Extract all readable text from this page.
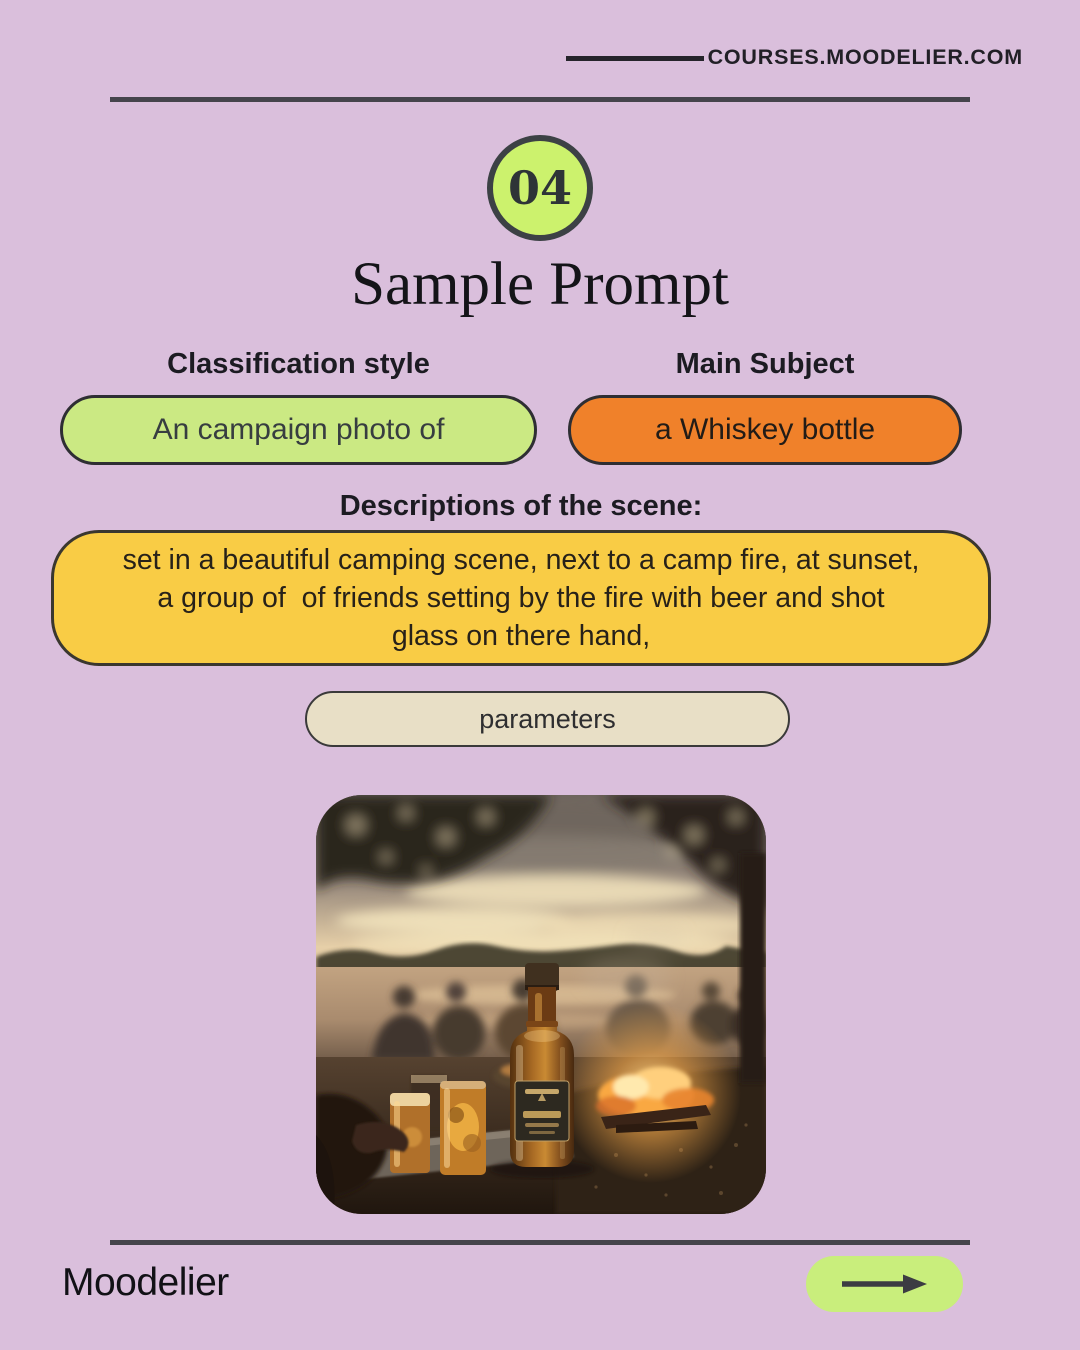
COURSES.MOODELIER.COM
04
Sample Prompt
Classification style	Main Subject
An campaign photo of	a Whiskey bottle
Descriptions of the scene:
set in a beautiful camping scene, next to a camp fire, at sunset,
a group of  of friends setting by the fire with beer and shot
glass on there hand,
parameters
Moodelier
